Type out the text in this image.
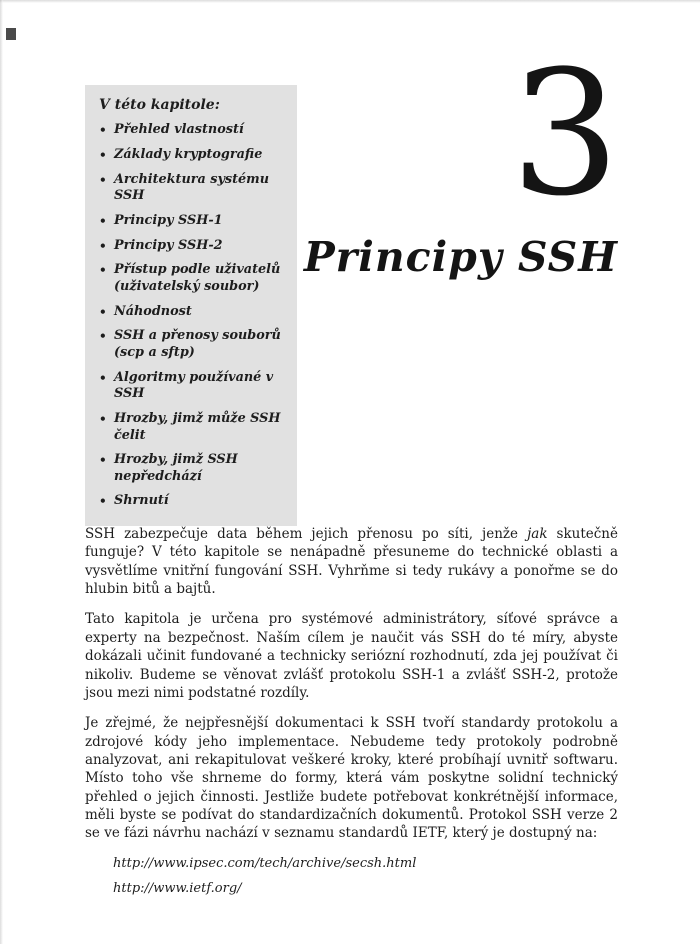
V této kapitole:
• Přehled vlastností
• Základy kryptografie
• Architektura systému SSH
• Principy SSH-1
• Principy SSH-2
• Přístup podle uživatelů (uživatelský soubor)
• Náhodnost
• SSH a přenosy souborů (scp a sftp)
• Algoritmy používané v SSH
• Hrozby, jimž může SSH čelit
• Hrozby, jimž SSH nepředchází
• Shrnutí
3
Principy SSH

SSH zabezpečuje data během jejich přenosu po síti, jenže jak skutečně funguje? V této kapitole se nenápadně přesuneme do technické oblasti a vysvětlíme vnitřní fungování SSH. Vyhrňme si tedy rukávy a ponořme se do hlubin bitů a bajtů.

Tato kapitola je určena pro systémové administrátory, síťové správce a experty na bezpečnost. Naším cílem je naučit vás SSH do té míry, abyste dokázali učinit fundované a technicky seriózní rozhodnutí, zda jej používat či nikoliv. Budeme se věnovat zvlášť protokolu SSH-1 a zvlášť SSH-2, protože jsou mezi nimi podstatné rozdíly.

Je zřejmé, že nejpřesnější dokumentaci k SSH tvoří standardy protokolu a zdrojové kódy jeho implementace. Nebudeme tedy protokoly podrobně analyzovat, ani rekapitulovat veškeré kroky, které probíhají uvnitř softwaru. Místo toho vše shrneme do formy, která vám poskytne solidní technický přehled o jejich činnosti. Jestliže budete potřebovat konkrétnější informace, měli byste se podívat do standardizačních dokumentů. Protokol SSH verze 2 se ve fázi návrhu nachází v seznamu standardů IETF, který je dostupný na:

http://www.ipsec.com/tech/archive/secsh.html
http://www.ietf.org/
